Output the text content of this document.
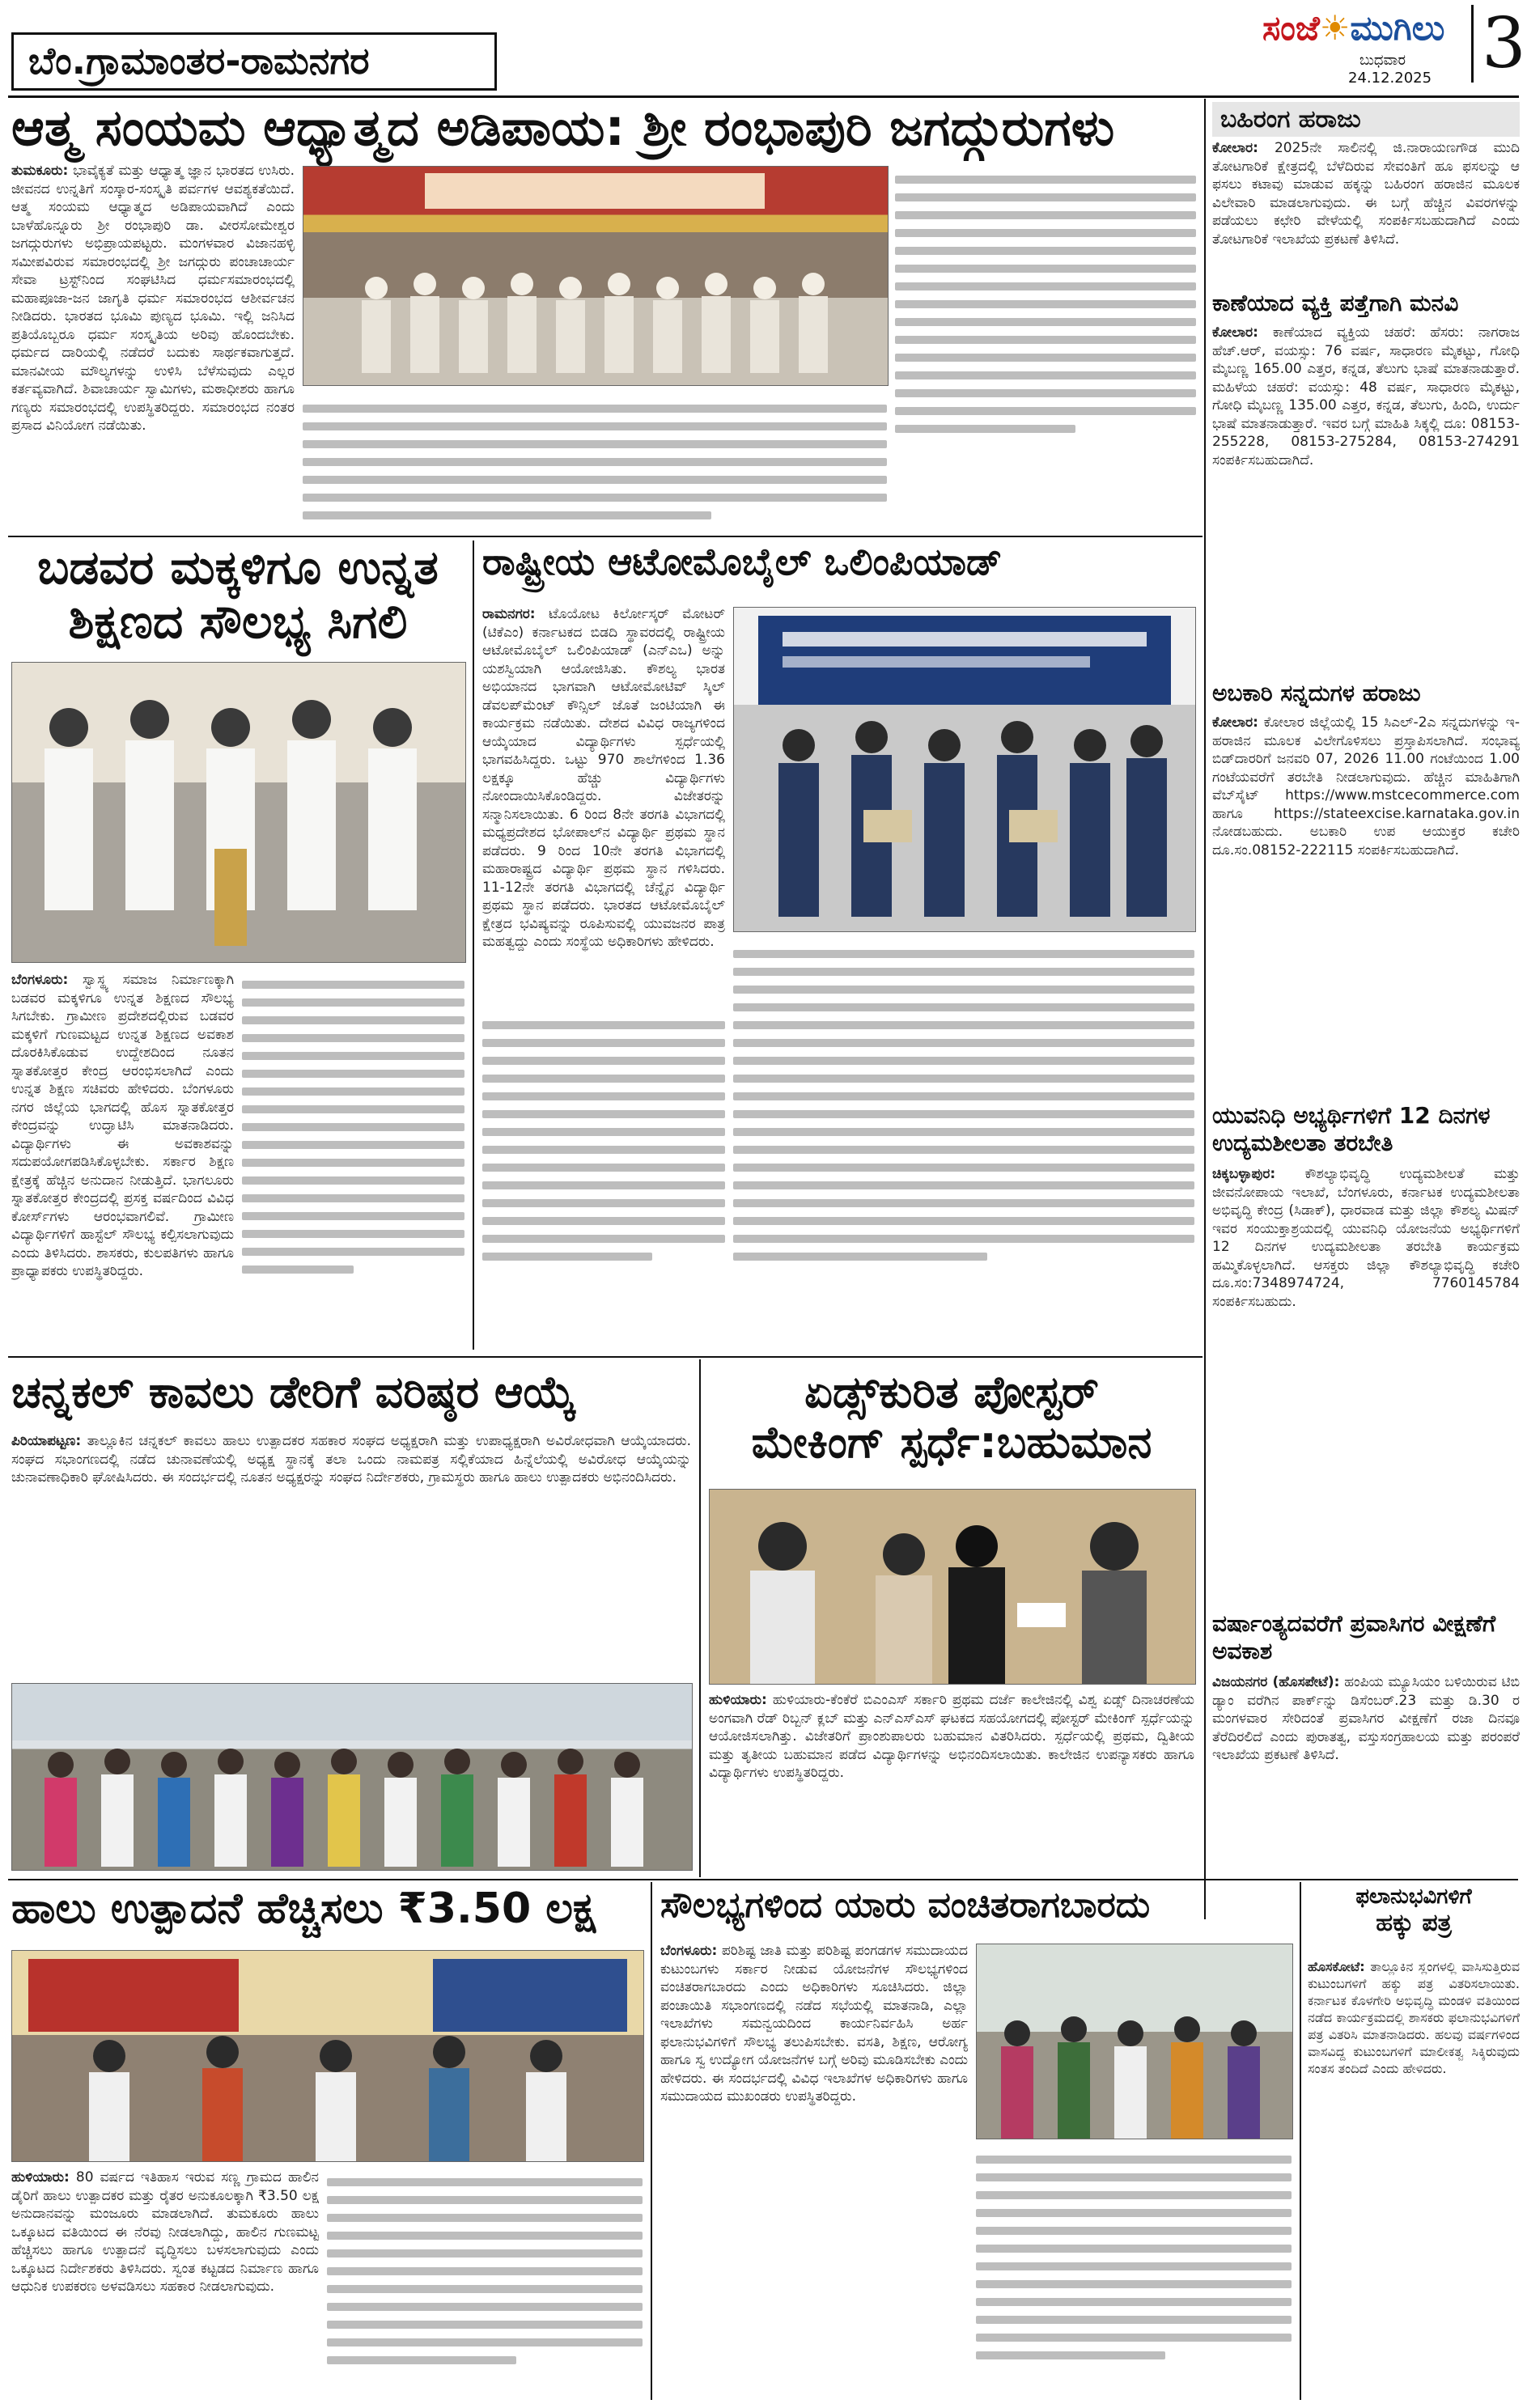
ಬೆಂ.ಗ್ರಾಮಾಂತರ-ರಾಮನಗರ
ಸಂಜೆ☀ಮುಗಿಲು
ಬುಧವಾರ
24.12.2025 3
ಆತ್ಮ ಸಂಯಮ ಆಧ್ಯಾತ್ಮದ ಅಡಿಪಾಯ: ಶ್ರೀ ರಂಭಾಪುರಿ ಜಗದ್ಗುರುಗಳು
ತುಮಕೂರು: ಭಾವೈಕ್ಯತೆ ಮತ್ತು ಆಧ್ಯಾತ್ಮ ಜ್ಞಾನ ಭಾರತದ ಉಸಿರು. ಜೀವನದ ಉನ್ನತಿಗೆ ಸಂಸ್ಕಾರ-ಸಂಸ್ಕೃತಿ ಪರ್ವಗಳ ಆವಶ್ಯಕತೆಯಿದೆ. ಆತ್ಮ ಸಂಯಮ ಆಧ್ಯಾತ್ಮದ ಅಡಿಪಾಯವಾಗಿದೆ ಎಂದು ಬಾಳೆಹೊನ್ನೂರು ಶ್ರೀ ರಂಭಾಪುರಿ ಡಾ. ವೀರಸೋಮೇಶ್ವರ ಜಗದ್ಗುರುಗಳು ಅಭಿಪ್ರಾಯಪಟ್ಟರು. ಮಂಗಳವಾರ ವಿಜಾನಹಳ್ಳಿ ಸಮೀಪವಿರುವ ಸಮಾರಂಭದಲ್ಲಿ ಶ್ರೀ ಜಗದ್ಗುರು ಪಂಚಾಚಾರ್ಯ ಸೇವಾ ಟ್ರಸ್ಟ್‌ನಿಂದ ಸಂಘಟಿಸಿದ ಧರ್ಮಸಮಾರಂಭದಲ್ಲಿ ಮಹಾಪೂಜಾ-ಜನ ಜಾಗೃತಿ ಧರ್ಮ ಸಮಾರಂಭದ ಆಶೀರ್ವಚನ ನೀಡಿದರು. ಭಾರತದ ಭೂಮಿ ಪುಣ್ಯದ ಭೂಮಿ. ಇಲ್ಲಿ ಜನಿಸಿದ ಪ್ರತಿಯೊಬ್ಬರೂ ಧರ್ಮ ಸಂಸ್ಕೃತಿಯ ಅರಿವು ಹೊಂದಬೇಕು. ಧರ್ಮದ ದಾರಿಯಲ್ಲಿ ನಡೆದರೆ ಬದುಕು ಸಾರ್ಥಕವಾಗುತ್ತದೆ. ಮಾನವೀಯ ಮೌಲ್ಯಗಳನ್ನು ಉಳಿಸಿ ಬೆಳೆಸುವುದು ಎಲ್ಲರ ಕರ್ತವ್ಯವಾಗಿದೆ. ಶಿವಾಚಾರ್ಯ ಸ್ವಾಮಿಗಳು, ಮಠಾಧೀಶರು ಹಾಗೂ ಗಣ್ಯರು ಸಮಾರಂಭದಲ್ಲಿ ಉಪಸ್ಥಿತರಿದ್ದರು. ಸಮಾರಂಭದ ನಂತರ ಪ್ರಸಾದ ವಿನಿಯೋಗ ನಡೆಯಿತು.
ಬಡವರ ಮಕ್ಕಳಿಗೂ ಉನ್ನತ
ಶಿಕ್ಷಣದ ಸೌಲಭ್ಯ ಸಿಗಲಿ
ಬೆಂಗಳೂರು: ಸ್ವಾಸ್ಥ್ಯ ಸಮಾಜ ನಿರ್ಮಾಣಕ್ಕಾಗಿ ಬಡವರ ಮಕ್ಕಳಿಗೂ ಉನ್ನತ ಶಿಕ್ಷಣದ ಸೌಲಭ್ಯ ಸಿಗಬೇಕು. ಗ್ರಾಮೀಣ ಪ್ರದೇಶದಲ್ಲಿರುವ ಬಡವರ ಮಕ್ಕಳಿಗೆ ಗುಣಮಟ್ಟದ ಉನ್ನತ ಶಿಕ್ಷಣದ ಅವಕಾಶ ದೊರಕಿಸಿಕೊಡುವ ಉದ್ದೇಶದಿಂದ ನೂತನ ಸ್ನಾತಕೋತ್ತರ ಕೇಂದ್ರ ಆರಂಭಿಸಲಾಗಿದೆ ಎಂದು ಉನ್ನತ ಶಿಕ್ಷಣ ಸಚಿವರು ಹೇಳಿದರು. ಬೆಂಗಳೂರು ನಗರ ಜಿಲ್ಲೆಯ ಭಾಗದಲ್ಲಿ ಹೊಸ ಸ್ನಾತಕೋತ್ತರ ಕೇಂದ್ರವನ್ನು ಉದ್ಘಾಟಿಸಿ ಮಾತನಾಡಿದರು. ವಿದ್ಯಾರ್ಥಿಗಳು ಈ ಅವಕಾಶವನ್ನು ಸದುಪಯೋಗಪಡಿಸಿಕೊಳ್ಳಬೇಕು. ಸರ್ಕಾರ ಶಿಕ್ಷಣ ಕ್ಷೇತ್ರಕ್ಕೆ ಹೆಚ್ಚಿನ ಅನುದಾನ ನೀಡುತ್ತಿದೆ. ಭಾಗಲೂರು ಸ್ನಾತಕೋತ್ತರ ಕೇಂದ್ರದಲ್ಲಿ ಪ್ರಸಕ್ತ ವರ್ಷದಿಂದ ವಿವಿಧ ಕೋರ್ಸ್‌ಗಳು ಆರಂಭವಾಗಲಿವೆ. ಗ್ರಾಮೀಣ ವಿದ್ಯಾರ್ಥಿಗಳಿಗೆ ಹಾಸ್ಟೆಲ್ ಸೌಲಭ್ಯ ಕಲ್ಪಿಸಲಾಗುವುದು ಎಂದು ತಿಳಿಸಿದರು. ಶಾಸಕರು, ಕುಲಪತಿಗಳು ಹಾಗೂ ಪ್ರಾಧ್ಯಾಪಕರು ಉಪಸ್ಥಿತರಿದ್ದರು.
ರಾಷ್ಟ್ರೀಯ ಆಟೋಮೊಬೈಲ್ ಒಲಿಂಪಿಯಾಡ್
ರಾಮನಗರ: ಟೊಯೋಟ ಕಿರ್ಲೋಸ್ಕರ್ ಮೋಟರ್ (ಟಿಕೆಎಂ) ಕರ್ನಾಟಕದ ಬಿಡದಿ ಸ್ಥಾವರದಲ್ಲಿ ರಾಷ್ಟ್ರೀಯ ಆಟೋಮೊಬೈಲ್ ಒಲಿಂಪಿಯಾಡ್ (ಎನ್‌ಎಒ) ಅನ್ನು ಯಶಸ್ವಿಯಾಗಿ ಆಯೋಜಿಸಿತು. ಕೌಶಲ್ಯ ಭಾರತ ಅಭಿಯಾನದ ಭಾಗವಾಗಿ ಆಟೋಮೋಟಿವ್ ಸ್ಕಿಲ್ ಡೆವಲಪ್‌ಮೆಂಟ್ ಕೌನ್ಸಿಲ್ ಜೊತೆ ಜಂಟಿಯಾಗಿ ಈ ಕಾರ್ಯಕ್ರಮ ನಡೆಯಿತು. ದೇಶದ ವಿವಿಧ ರಾಜ್ಯಗಳಿಂದ ಆಯ್ಕೆಯಾದ ವಿದ್ಯಾರ್ಥಿಗಳು ಸ್ಪರ್ಧೆಯಲ್ಲಿ ಭಾಗವಹಿಸಿದ್ದರು. ಒಟ್ಟು 970 ಶಾಲೆಗಳಿಂದ 1.36 ಲಕ್ಷಕ್ಕೂ ಹೆಚ್ಚು ವಿದ್ಯಾರ್ಥಿಗಳು ನೋಂದಾಯಿಸಿಕೊಂಡಿದ್ದರು. ವಿಜೇತರನ್ನು ಸನ್ಮಾನಿಸಲಾಯಿತು. 6 ರಿಂದ 8ನೇ ತರಗತಿ ವಿಭಾಗದಲ್ಲಿ ಮಧ್ಯಪ್ರದೇಶದ ಭೋಪಾಲ್‌ನ ವಿದ್ಯಾರ್ಥಿ ಪ್ರಥಮ ಸ್ಥಾನ ಪಡೆದರು. 9 ರಿಂದ 10ನೇ ತರಗತಿ ವಿಭಾಗದಲ್ಲಿ ಮಹಾರಾಷ್ಟ್ರದ ವಿದ್ಯಾರ್ಥಿ ಪ್ರಥಮ ಸ್ಥಾನ ಗಳಿಸಿದರು. 11-12ನೇ ತರಗತಿ ವಿಭಾಗದಲ್ಲಿ ಚೆನ್ನೈನ ವಿದ್ಯಾರ್ಥಿ ಪ್ರಥಮ ಸ್ಥಾನ ಪಡೆದರು. ಭಾರತದ ಆಟೋಮೊಬೈಲ್ ಕ್ಷೇತ್ರದ ಭವಿಷ್ಯವನ್ನು ರೂಪಿಸುವಲ್ಲಿ ಯುವಜನರ ಪಾತ್ರ ಮಹತ್ವದ್ದು ಎಂದು ಸಂಸ್ಥೆಯ ಅಧಿಕಾರಿಗಳು ಹೇಳಿದರು.
ಚನ್ನಕಲ್ ಕಾವಲು ಡೇರಿಗೆ ವರಿಷ್ಠರ ಆಯ್ಕೆ
ಪಿರಿಯಾಪಟ್ಟಣ: ತಾಲ್ಲೂಕಿನ ಚನ್ನಕಲ್ ಕಾವಲು ಹಾಲು ಉತ್ಪಾದಕರ ಸಹಕಾರ ಸಂಘದ ಅಧ್ಯಕ್ಷರಾಗಿ ಮತ್ತು ಉಪಾಧ್ಯಕ್ಷರಾಗಿ ಅವಿರೋಧವಾಗಿ ಆಯ್ಕೆಯಾದರು. ಸಂಘದ ಸಭಾಂಗಣದಲ್ಲಿ ನಡೆದ ಚುನಾವಣೆಯಲ್ಲಿ ಅಧ್ಯಕ್ಷ ಸ್ಥಾನಕ್ಕೆ ತಲಾ ಒಂದು ನಾಮಪತ್ರ ಸಲ್ಲಿಕೆಯಾದ ಹಿನ್ನೆಲೆಯಲ್ಲಿ ಅವಿರೋಧ ಆಯ್ಕೆಯನ್ನು ಚುನಾವಣಾಧಿಕಾರಿ ಘೋಷಿಸಿದರು. ಈ ಸಂದರ್ಭದಲ್ಲಿ ನೂತನ ಅಧ್ಯಕ್ಷರನ್ನು ಸಂಘದ ನಿರ್ದೇಶಕರು, ಗ್ರಾಮಸ್ಥರು ಹಾಗೂ ಹಾಲು ಉತ್ಪಾದಕರು ಅಭಿನಂದಿಸಿದರು.
ಏಡ್ಸ್‌ಕುರಿತ ಪೋಸ್ಟರ್
ಮೇಕಿಂಗ್ ಸ್ಪರ್ಧೆ:ಬಹುಮಾನ
ಹುಳಿಯಾರು: ಹುಳಿಯಾರು-ಕೆಂಕೆರೆ ಬಿಎಂಎಸ್ ಸರ್ಕಾರಿ ಪ್ರಥಮ ದರ್ಜೆ ಕಾಲೇಜಿನಲ್ಲಿ ವಿಶ್ವ ಏಡ್ಸ್ ದಿನಾಚರಣೆಯ ಅಂಗವಾಗಿ ರೆಡ್ ರಿಬ್ಬನ್ ಕ್ಲಬ್ ಮತ್ತು ಎನ್‌ಎಸ್‌ಎಸ್ ಘಟಕದ ಸಹಯೋಗದಲ್ಲಿ ಪೋಸ್ಟರ್ ಮೇಕಿಂಗ್ ಸ್ಪರ್ಧೆಯನ್ನು ಆಯೋಜಿಸಲಾಗಿತ್ತು. ವಿಜೇತರಿಗೆ ಪ್ರಾಂಶುಪಾಲರು ಬಹುಮಾನ ವಿತರಿಸಿದರು. ಸ್ಪರ್ಧೆಯಲ್ಲಿ ಪ್ರಥಮ, ದ್ವಿತೀಯ ಮತ್ತು ತೃತೀಯ ಬಹುಮಾನ ಪಡೆದ ವಿದ್ಯಾರ್ಥಿಗಳನ್ನು ಅಭಿನಂದಿಸಲಾಯಿತು. ಕಾಲೇಜಿನ ಉಪನ್ಯಾಸಕರು ಹಾಗೂ ವಿದ್ಯಾರ್ಥಿಗಳು ಉಪಸ್ಥಿತರಿದ್ದರು.
ಹಾಲು ಉತ್ಪಾದನೆ ಹೆಚ್ಚಿಸಲು ₹3.50 ಲಕ್ಷ
ಹುಳಿಯಾರು: 80 ವರ್ಷದ ಇತಿಹಾಸ ಇರುವ ಸಣ್ಣ ಗ್ರಾಮದ ಹಾಲಿನ ಡೈರಿಗೆ ಹಾಲು ಉತ್ಪಾದಕರ ಮತ್ತು ರೈತರ ಅನುಕೂಲಕ್ಕಾಗಿ ₹3.50 ಲಕ್ಷ ಅನುದಾನವನ್ನು ಮಂಜೂರು ಮಾಡಲಾಗಿದೆ. ತುಮಕೂರು ಹಾಲು ಒಕ್ಕೂಟದ ವತಿಯಿಂದ ಈ ನೆರವು ನೀಡಲಾಗಿದ್ದು, ಹಾಲಿನ ಗುಣಮಟ್ಟ ಹೆಚ್ಚಿಸಲು ಹಾಗೂ ಉತ್ಪಾದನೆ ವೃದ್ಧಿಸಲು ಬಳಸಲಾಗುವುದು ಎಂದು ಒಕ್ಕೂಟದ ನಿರ್ದೇಶಕರು ತಿಳಿಸಿದರು. ಸ್ವಂತ ಕಟ್ಟಡದ ನಿರ್ಮಾಣ ಹಾಗೂ ಆಧುನಿಕ ಉಪಕರಣ ಅಳವಡಿಸಲು ಸಹಕಾರ ನೀಡಲಾಗುವುದು.
ಸೌಲಭ್ಯಗಳಿಂದ ಯಾರು ವಂಚಿತರಾಗಬಾರದು
ಬೆಂಗಳೂರು: ಪರಿಶಿಷ್ಟ ಜಾತಿ ಮತ್ತು ಪರಿಶಿಷ್ಟ ಪಂಗಡಗಳ ಸಮುದಾಯದ ಕುಟುಂಬಗಳು ಸರ್ಕಾರ ನೀಡುವ ಯೋಜನೆಗಳ ಸೌಲಭ್ಯಗಳಿಂದ ವಂಚಿತರಾಗಬಾರದು ಎಂದು ಅಧಿಕಾರಿಗಳು ಸೂಚಿಸಿದರು. ಜಿಲ್ಲಾ ಪಂಚಾಯಿತಿ ಸಭಾಂಗಣದಲ್ಲಿ ನಡೆದ ಸಭೆಯಲ್ಲಿ ಮಾತನಾಡಿ, ಎಲ್ಲಾ ಇಲಾಖೆಗಳು ಸಮನ್ವಯದಿಂದ ಕಾರ್ಯನಿರ್ವಹಿಸಿ ಅರ್ಹ ಫಲಾನುಭವಿಗಳಿಗೆ ಸೌಲಭ್ಯ ತಲುಪಿಸಬೇಕು. ವಸತಿ, ಶಿಕ್ಷಣ, ಆರೋಗ್ಯ ಹಾಗೂ ಸ್ವ ಉದ್ಯೋಗ ಯೋಜನೆಗಳ ಬಗ್ಗೆ ಅರಿವು ಮೂಡಿಸಬೇಕು ಎಂದು ಹೇಳಿದರು. ಈ ಸಂದರ್ಭದಲ್ಲಿ ವಿವಿಧ ಇಲಾಖೆಗಳ ಅಧಿಕಾರಿಗಳು ಹಾಗೂ ಸಮುದಾಯದ ಮುಖಂಡರು ಉಪಸ್ಥಿತರಿದ್ದರು.
ಫಲಾನುಭವಿಗಳಿಗೆ
ಹಕ್ಕು ಪತ್ರ
ಹೊಸಕೋಟೆ: ತಾಲ್ಲೂಕಿನ ಸ್ಲಂಗಳಲ್ಲಿ ವಾಸಿಸುತ್ತಿರುವ ಕುಟುಂಬಗಳಿಗೆ ಹಕ್ಕು ಪತ್ರ ವಿತರಿಸಲಾಯಿತು. ಕರ್ನಾಟಕ ಕೊಳಗೇರಿ ಅಭಿವೃದ್ಧಿ ಮಂಡಳಿ ವತಿಯಿಂದ ನಡೆದ ಕಾರ್ಯಕ್ರಮದಲ್ಲಿ ಶಾಸಕರು ಫಲಾನುಭವಿಗಳಿಗೆ ಪತ್ರ ವಿತರಿಸಿ ಮಾತನಾಡಿದರು. ಹಲವು ವರ್ಷಗಳಿಂದ ವಾಸವಿದ್ದ ಕುಟುಂಬಗಳಿಗೆ ಮಾಲೀಕತ್ವ ಸಿಕ್ಕಿರುವುದು ಸಂತಸ ತಂದಿದೆ ಎಂದು ಹೇಳಿದರು.
ಬಹಿರಂಗ ಹರಾಜು
ಕೋಲಾರ: 2025ನೇ ಸಾಲಿನಲ್ಲಿ ಜಿ.ನಾರಾಯಣಗೌಡ ಮುದಿ ತೋಟಗಾರಿಕೆ ಕ್ಷೇತ್ರದಲ್ಲಿ ಬೆಳೆದಿರುವ ಸೇವಂತಿಗೆ ಹೂ ಫಸಲನ್ನು ಆ ಫಸಲು ಕಟಾವು ಮಾಡುವ ಹಕ್ಕನ್ನು ಬಹಿರಂಗ ಹರಾಜಿನ ಮೂಲಕ ವಿಲೇವಾರಿ ಮಾಡಲಾಗುವುದು. ಈ ಬಗ್ಗೆ ಹೆಚ್ಚಿನ ವಿವರಗಳನ್ನು ಪಡೆಯಲು ಕಛೇರಿ ವೇಳೆಯಲ್ಲಿ ಸಂಪರ್ಕಿಸಬಹುದಾಗಿದೆ ಎಂದು ತೋಟಗಾರಿಕೆ ಇಲಾಖೆಯ ಪ್ರಕಟಣೆ ತಿಳಿಸಿದೆ.
ಕಾಣೆಯಾದ ವ್ಯಕ್ತಿ ಪತ್ತೆಗಾಗಿ ಮನವಿ
ಕೋಲಾರ: ಕಾಣೆಯಾದ ವ್ಯಕ್ತಿಯ ಚಹರೆ: ಹೆಸರು: ನಾಗರಾಜ ಹೆಚ್.ಆರ್, ವಯಸ್ಸು: 76 ವರ್ಷ, ಸಾಧಾರಣ ಮೈಕಟ್ಟು, ಗೋಧಿ ಮೈಬಣ್ಣ 165.00 ಎತ್ತರ, ಕನ್ನಡ, ತೆಲುಗು ಭಾಷೆ ಮಾತನಾಡುತ್ತಾರೆ. ಮಹಿಳೆಯ ಚಹರೆ: ವಯಸ್ಸು: 48 ವರ್ಷ, ಸಾಧಾರಣ ಮೈಕಟ್ಟು, ಗೋಧಿ ಮೈಬಣ್ಣ 135.00 ಎತ್ತರ, ಕನ್ನಡ, ತೆಲುಗು, ಹಿಂದಿ, ಉರ್ದು ಭಾಷೆ ಮಾತನಾಡುತ್ತಾರೆ. ಇವರ ಬಗ್ಗೆ ಮಾಹಿತಿ ಸಿಕ್ಕಲ್ಲಿ ದೂ: 08153-255228, 08153-275284, 08153-274291 ಸಂಪರ್ಕಿಸಬಹುದಾಗಿದೆ.
ಅಬಕಾರಿ ಸನ್ನದುಗಳ ಹರಾಜು
ಕೋಲಾರ: ಕೋಲಾರ ಜಿಲ್ಲೆಯಲ್ಲಿ 15 ಸಿಎಲ್-2ಎ ಸನ್ನದುಗಳನ್ನು ಇ-ಹರಾಜಿನ ಮೂಲಕ ವಿಲೇಗೊಳಿಸಲು ಪ್ರಸ್ತಾಪಿಸಲಾಗಿದೆ. ಸಂಭಾವ್ಯ ಬಿಡ್‌ದಾರರಿಗೆ ಜನವರಿ 07, 2026 11.00 ಗಂಟೆಯಿಂದ 1.00 ಗಂಟೆಯವರೆಗೆ ತರಬೇತಿ ನೀಡಲಾಗುವುದು. ಹೆಚ್ಚಿನ ಮಾಹಿತಿಗಾಗಿ ವೆಬ್‌ಸೈಟ್ https://www.mstcecommerce.com ಹಾಗೂ https://stateexcise.karnataka.gov.in ನೋಡಬಹುದು. ಅಬಕಾರಿ ಉಪ ಆಯುಕ್ತರ ಕಚೇರಿ ದೂ.ಸಂ.08152-222115 ಸಂಪರ್ಕಿಸಬಹುದಾಗಿದೆ.
ಯುವನಿಧಿ ಅಭ್ಯರ್ಥಿಗಳಿಗೆ 12 ದಿನಗಳ ಉದ್ಯಮಶೀಲತಾ ತರಬೇತಿ
ಚಿಕ್ಕಬಳ್ಳಾಪುರ: ಕೌಶಲ್ಯಾಭಿವೃದ್ಧಿ ಉದ್ಯಮಶೀಲತೆ ಮತ್ತು ಜೀವನೋಪಾಯ ಇಲಾಖೆ, ಬೆಂಗಳೂರು, ಕರ್ನಾಟಕ ಉದ್ಯಮಶೀಲತಾ ಅಭಿವೃದ್ಧಿ ಕೇಂದ್ರ (ಸಿಡಾಕ್), ಧಾರವಾಡ ಮತ್ತು ಜಿಲ್ಲಾ ಕೌಶಲ್ಯ ಮಿಷನ್ ಇವರ ಸಂಯುಕ್ತಾಶ್ರಯದಲ್ಲಿ ಯುವನಿಧಿ ಯೋಜನೆಯ ಅಭ್ಯರ್ಥಿಗಳಿಗೆ 12 ದಿನಗಳ ಉದ್ಯಮಶೀಲತಾ ತರಬೇತಿ ಕಾರ್ಯಕ್ರಮ ಹಮ್ಮಿಕೊಳ್ಳಲಾಗಿದೆ. ಆಸಕ್ತರು ಜಿಲ್ಲಾ ಕೌಶಲ್ಯಾಭಿವೃದ್ಧಿ ಕಚೇರಿ ದೂ.ಸಂ:7348974724, 7760145784 ಸಂಪರ್ಕಿಸಬಹುದು.
ವರ್ಷಾಂತ್ಯದವರೆಗೆ ಪ್ರವಾಸಿಗರ ವೀಕ್ಷಣೆಗೆ ಅವಕಾಶ
ವಿಜಯನಗರ (ಹೊಸಪೇಟೆ): ಹಂಪಿಯ ಮ್ಯೂಸಿಯಂ ಬಳಿಯಿರುವ ಟಿಬಿ ಡ್ಯಾಂ ವರೆಗಿನ ಪಾರ್ಕ್‌ನ್ನು ಡಿಸೆಂಬರ್.23 ಮತ್ತು ಡಿ.30 ರ ಮಂಗಳವಾರ ಸೇರಿದಂತೆ ಪ್ರವಾಸಿಗರ ವೀಕ್ಷಣೆಗೆ ರಜಾ ದಿನವೂ ತೆರೆದಿರಲಿದೆ ಎಂದು ಪುರಾತತ್ವ, ವಸ್ತುಸಂಗ್ರಹಾಲಯ ಮತ್ತು ಪರಂಪರೆ ಇಲಾಖೆಯ ಪ್ರಕಟಣೆ ತಿಳಿಸಿದೆ.
